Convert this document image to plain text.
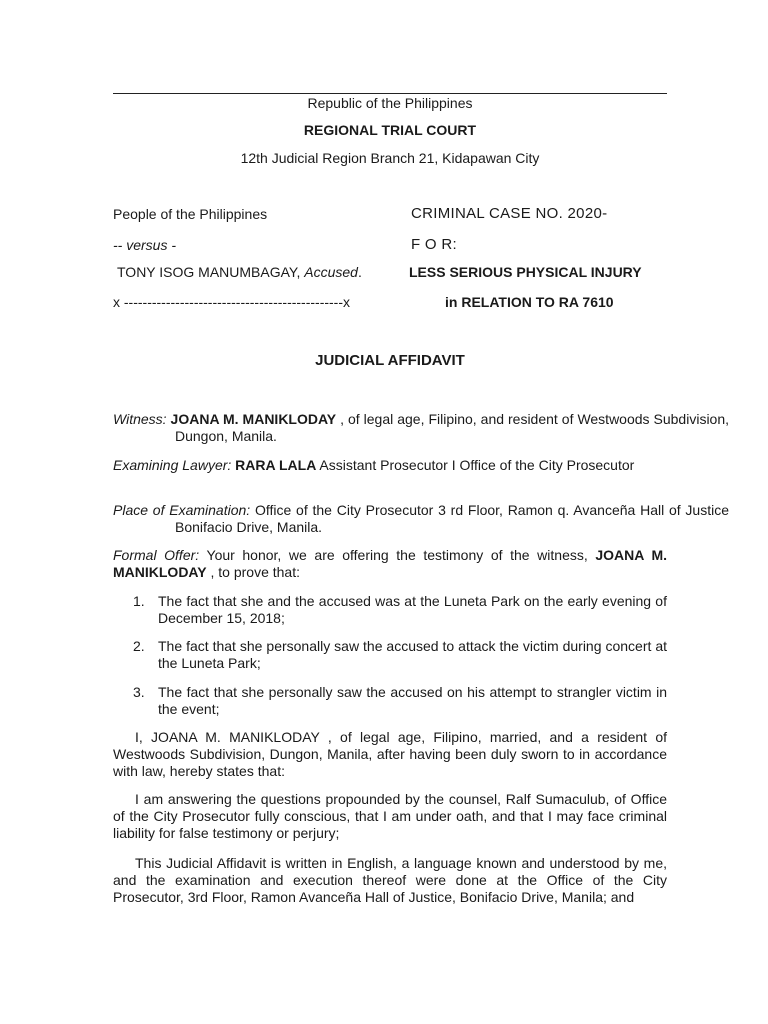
Republic of the Philippines
REGIONAL TRIAL COURT
12th Judicial Region Branch 21, Kidapawan City
People of the Philippines
-- versus -
TONY ISOG MANUMBAGAY, Accused.
x -----------------------------------------------x
CRIMINAL CASE NO. 2020-
F O R:
LESS SERIOUS PHYSICAL INJURY
in RELATION TO RA 7610
JUDICIAL AFFIDAVIT
Witness: JOANA M. MANIKLODAY , of legal age, Filipino, and resident of Westwoods Subdivision, Dungon, Manila.
Examining Lawyer: RARA LALA Assistant Prosecutor I Office of the City Prosecutor
Place of Examination: Office of the City Prosecutor 3 rd Floor, Ramon q. Avanceña Hall of Justice Bonifacio Drive, Manila.
Formal Offer: Your honor, we are offering the testimony of the witness, JOANA M. MANIKLODAY , to prove that:
1. The fact that she and the accused was at the Luneta Park on the early evening of December 15, 2018;
2. The fact that she personally saw the accused to attack the victim during concert at the Luneta Park;
3. The fact that she personally saw the accused on his attempt to strangler victim in the event;
I, JOANA M. MANIKLODAY , of legal age, Filipino, married, and a resident of Westwoods Subdivision, Dungon, Manila, after having been duly sworn to in accordance with law, hereby states that:
I am answering the questions propounded by the counsel, Ralf Sumaculub, of Office of the City Prosecutor fully conscious, that I am under oath, and that I may face criminal liability for false testimony or perjury;
This Judicial Affidavit is written in English, a language known and understood by me, and the examination and execution thereof were done at the Office of the City Prosecutor, 3rd Floor, Ramon Avanceña Hall of Justice, Bonifacio Drive, Manila; and
